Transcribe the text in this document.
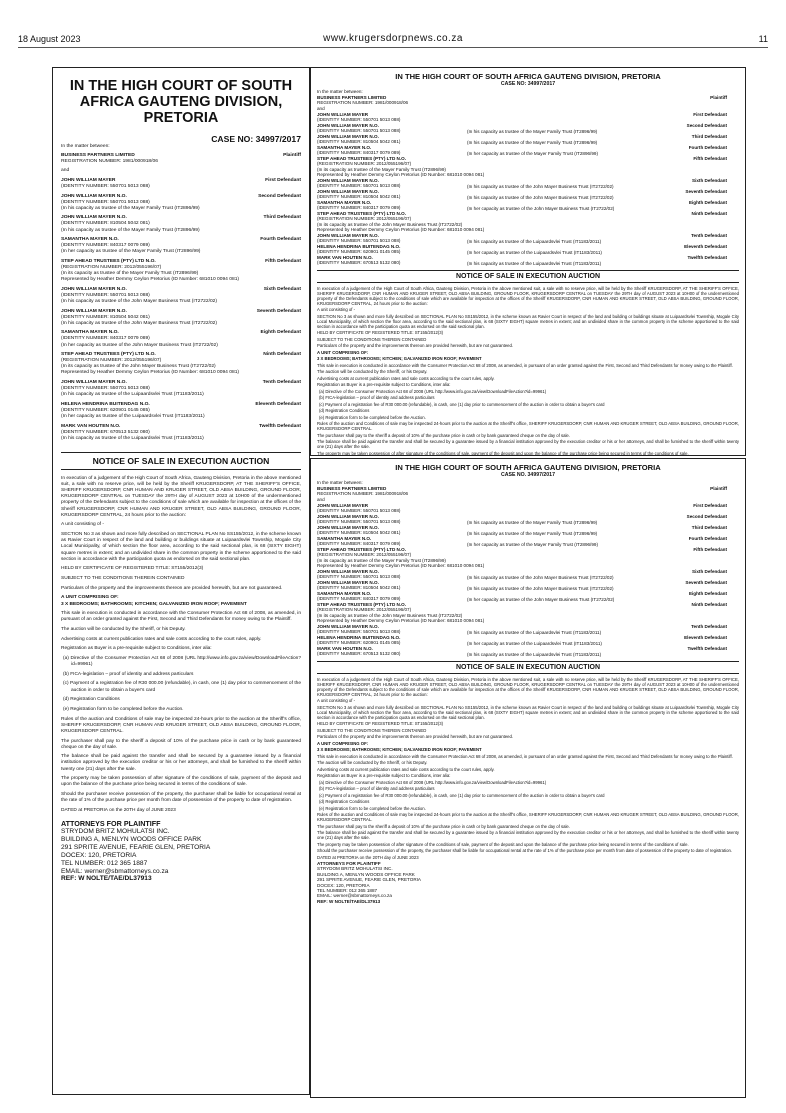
18 August 2023	www.krugersdorpnews.co.za	11
IN THE HIGH COURT OF SOUTH AFRICA GAUTENG DIVISION, PRETORIA
CASE NO: 34997/2017
In the matter between:
BUSINESS PARTNERS LIMITED	Plaintiff
REGISTRATION NUMBER: 1981/000918/06
and
JOHN WILLIAM MAYER	First Defendant
(IDENTITY NUMBER: 550701 5013 088)
JOHN WILLIAM MAYER N.O.	Second Defendant
(IDENTITY NUMBER: 550701 5013 088)
(In his capacity as trustee of the Mayer Family Trust (IT2896/99)
JOHN WILLIAM MAYER N.O.	Third Defendant
(IDENTITY NUMBER: 810504 5042 081)
(In his capacity as trustee of the Mayer Family Trust (IT2896/99)
SAMANTHA MAYER N.O.	Fourth Defendant
(IDENTITY NUMBER: 840317 0079 089)
(In her capacity as trustee of the Mayer Family Trust (IT2896/99)
STEP AHEAD TRUSTEES (PTY) LTD N.O.	Fifth Defendant
(REGISTRATION NUMBER: 2012/055196/07)
(In its capacity as trustee of the Mayer Family Trust (IT2896/99)
Represented by Heather Demmy Ceylon Pretorius (ID Number: 681010 0094 081)
JOHN WILLIAM MAYER N.O.	Sixth Defendant
(IDENTITY NUMBER: 550701 5013 088)
(In his capacity as trustee of the John Mayer Business Trust (IT2722/02)
JOHN WILLIAM MAYER N.O.	Seventh Defendant
(IDENTITY NUMBER: 810504 5042 081)
(In his capacity as trustee of the John Mayer Business Trust (IT2722/02)
SAMANTHA MAYER N.O.	Eighth Defendant
(IDENTITY NUMBER: 840317 0079 089)
(In her capacity as trustee of the John Mayer Business Trust (IT2722/02)
STEP AHEAD TRUSTEES (PTY) LTD N.O.	Ninth Defendant
(REGISTRATION NUMBER: 2012/055196/07)
(In its capacity as trustee of the John Mayer Business Trust (IT2722/02)
Represented by Heather Demmy Ceylon Pretorius (ID Number: 681010 0094 081)
JOHN WILLIAM MAYER N.O.	Tenth Defendant
(IDENTITY NUMBER: 550701 5013 088)
(In his capacity as trustee of the Luipaardsvlei Trust (IT1183/2011)
HELENA HENDRINA BUITENDAG N.O.	Eleventh Defendant
(IDENTITY NUMBER: 620901 0145 085)
(In her capacity as trustee of the Luipaardsvlei Trust (IT1183/2011)
MARK VAN HOUTEN N.O.	Twelfth Defendant
(IDENTITY NUMBER: 670513 5132 080)
(In his capacity as trustee of the Luipaardsvlei Trust (IT1183/2011)
NOTICE OF SALE IN EXECUTION AUCTION

In execution of a judgement of the High Court of South Africa, Gauteng Division, Pretoria in the above mentioned suit, a sale with no reserve price, will be held by the Sheriff KRUGERSDORP, AT THE SHERIFF'S OFFICE, SHERIFF KRUGERSDORP, CNR HUMAN AND KRUGER STREET, OLD ABSA BUILDING, GROUND FLOOR, KRUGERSDORP CENTRAL on TUESDAY the 29TH day of AUGUST 2023 at 10H00 of the undermentioned property of the Defendants subject to the conditions of sale which are available for inspection at the offices of the Sheriff KRUGERSDORP, CNR HUMAN AND KRUGER STREET, OLD ABSA BUILDING, GROUND FLOOR, KRUGERSDORP CENTRAL, 24 hours prior to the auction:

A unit consisting of -

SECTION No 3 as shown and more fully described on SECTIONAL PLAN No SS155/2012, in the scheme known as Ravier Court in respect of the land and building or buildings situate at Luipaardsvlei Township, Mogale City Local Municipality, of which section the floor area, according to the said sectional plan, is 68 (SIXTY EIGHT) square metres in extent; and an undivided share in the common property in the scheme apportioned to the said section in accordance with the participation quota as endorsed on the said sectional plan.

HELD BY CERTIFICATE OF REGISTERED TITLE: ST155/2012(3)

SUBJECT TO THE CONDITIONS THEREIN CONTAINED

Particulars of the property and the improvements thereon are provided herewith, but are not guaranteed.

A UNIT COMPRISING OF:

3 X BEDROOMS; BATHROOMS; KITCHEN; GALVANIZED IRON ROOF; PAVEMENT

This sale in execution is conducted in accordance with the Consumer Protection Act 68 of 2008, as amended, in pursuant of an order granted against the First, Second and Third Defendants for money owing to the Plaintiff.

The auction will be conducted by the Sheriff, or his Deputy.

Advertising costs at current publication rates and sale costs according to the court rules, apply.

Registration as Buyer is a pre-requisite subject to Conditions, inter alia:

(a) Directive of the Consumer Protection Act 68 of 2008 (URL http://www.info.gov.za/view/DownloadFileAction?id=99961)

(b) FICA-legislation – proof of identity and address particulars

(c) Payment of a registration fee of R30 000.00 (refundable), in cash, one (1) day prior to commencement of the auction in order to obtain a buyer's card

(d) Registration Conditions

(e) Registration form to be completed before the Auction.

Rules of the auction and Conditions of sale may be inspected 24-hours prior to the auction at the Sheriff's office, SHERIFF KRUGERSDORP, CNR HUMAN AND KRUGER STREET, OLD ABSA BUILDING, GROUND FLOOR, KRUGERSDORP CENTRAL.

The purchaser shall pay to the sheriff a deposit of 10% of the purchase price in cash or by bank guaranteed cheque on the day of sale.

The balance shall be paid against the transfer and shall be secured by a guarantee issued by a financial institution approved by the execution creditor or his or her attorneys, and shall be furnished to the sheriff within twenty one (21) days after the sale.

The property may be taken possession of after signature of the conditions of sale, payment of the deposit and upon the balance of the purchase price being secured in terms of the conditions of sale.

Should the purchaser receive possession of the property, the purchaser shall be liable for occupational rental at the rate of 1% of the purchase price per month from date of possession of the property to date of registration.

DATED at PRETORIA on the 20TH day of JUNE 2023

ATTORNEYS FOR PLAINTIFF
STRYDOM BRITZ MOHULATSI INC.
BUILDING A, MENLYN WOODS OFFICE PARK
291 SPRITE AVENUE, FEARIE GLEN, PRETORIA
DOCEX: 120, PRETORIA
TEL NUMBER: 012 365 1887
EMAIL: werner@sbmattorneys.co.za
REF: W NOLTE/TAE/DL37913
IN THE HIGH COURT OF SOUTH AFRICA GAUTENG DIVISION, PRETORIA
CASE NO: 34997/2017
In the matter between:
BUSINESS PARTNERS LIMITED	Plaintiff
REGISTRATION NUMBER: 1981/000918/06
and
JOHN WILLIAM MAYER	First Defendant
(IDENTITY NUMBER: 550701 5013 088)
JOHN WILLIAM MAYER N.O.	Second Defendant
(IDENTITY NUMBER: 550701 5013 088)	(In his capacity as trustee of the Mayer Family Trust (IT2896/99)
JOHN WILLIAM MAYER N.O.	Third Defendant
(IDENTITY NUMBER: 810504 5042 081)	(In his capacity as trustee of the Mayer Family Trust (IT2896/99)
SAMANTHA MAYER N.O.	Fourth Defendant
(IDENTITY NUMBER: 840317 0079 089)	(In her capacity as trustee of the Mayer Family Trust (IT2896/99)
STEP AHEAD TRUSTEES (PTY) LTD N.O.	Fifth Defendant
(REGISTRATION NUMBER: 2012/055196/07)
(In its capacity as trustee of the Mayer Family Trust (IT2896/99)
Represented by Heather Demmy Ceylon Pretorius (ID Number: 681010 0094 081)
JOHN WILLIAM MAYER N.O.	Sixth Defendant
(IDENTITY NUMBER: 550701 5013 088)	(In his capacity as trustee of the John Mayer Business Trust (IT2722/02)
JOHN WILLIAM MAYER N.O.	Seventh Defendant
(IDENTITY NUMBER: 810504 5042 081)	(In his capacity as trustee of the John Mayer Business Trust (IT2722/02)
SAMANTHA MAYER N.O.	Eighth Defendant
(IDENTITY NUMBER: 840317 0079 089)	(In her capacity as trustee of the John Mayer Business Trust (IT2722/02)
STEP AHEAD TRUSTEES (PTY) LTD N.O.	Ninth Defendant
(REGISTRATION NUMBER: 2012/055196/07)
(In its capacity as trustee of the John Mayer Business Trust (IT2722/02)
Represented by Heather Demmy Ceylon Pretorius (ID Number: 681010 0094 081)
JOHN WILLIAM MAYER N.O.	Tenth Defendant
(IDENTITY NUMBER: 550701 5013 088)	(In his capacity as trustee of the Luipaardsvlei Trust (IT1183/2011)
HELENA HENDRINA BUITENDAG N.O.	Eleventh Defendant
(IDENTITY NUMBER: 620901 0145 085)	(In her capacity as trustee of the Luipaardsvlei Trust (IT1183/2011)
MARK VAN HOUTEN N.O.	Twelfth Defendant
(IDENTITY NUMBER: 670513 5132 080)	(In his capacity as trustee of the Luipaardsvlei Trust (IT1183/2011)
NOTICE OF SALE IN EXECUTION AUCTION

In execution of a judgement of the High Court of South Africa, Gauteng Division, Pretoria in the above mentioned suit, a sale with no reserve price, will be held by the Sheriff KRUGERSDORP, AT THE SHERIFF'S OFFICE, SHERIFF KRUGERSDORP, CNR HUMAN AND KRUGER STREET, OLD ABSA BUILDING, GROUND FLOOR, KRUGERSDORP CENTRAL on TUESDAY the 29TH day of AUGUST 2023 at 10H00 of the undermentioned property of the Defendants subject to the conditions of sale which are available for inspection at the offices of the Sheriff KRUGERSDORP, CNR HUMAN AND KRUGER STREET, OLD ABSA BUILDING, GROUND FLOOR, KRUGERSDORP CENTRAL, 24 hours prior to the auction:

A unit consisting of -

SECTION No 3 as shown and more fully described on SECTIONAL PLAN No SS155/2012, in the scheme known as Ravier Court in respect of the land and building or buildings situate at Luipaardsvlei Township, Mogale City Local Municipality, of which section the floor area, according to the said sectional plan, is 68 (SIXTY EIGHT) square metres in extent; and an undivided share in the common property in the scheme apportioned to the said section in accordance with the participation quota as endorsed on the said sectional plan.

HELD BY CERTIFICATE OF REGISTERED TITLE: ST155/2012(3)

SUBJECT TO THE CONDITIONS THEREIN CONTAINED

Particulars of the property and the improvements thereon are provided herewith, but are not guaranteed.

A UNIT COMPRISING OF:

3 X BEDROOMS; BATHROOMS; KITCHEN; GALVANIZED IRON ROOF; PAVEMENT

This sale in execution is conducted in accordance with the Consumer Protection Act 68 of 2008, as amended, in pursuant of an order granted against the First, Second and Third Defendants for money owing to the Plaintiff.

The auction will be conducted by the Sheriff, or his Deputy.

Advertising costs at current publication rates and sale costs according to the court rules, apply.

Registration as Buyer is a pre-requisite subject to Conditions, inter alia:

(a) Directive of the Consumer Protection Act 68 of 2008 (URL http://www.info.gov.za/view/DownloadFileAction?id=99961)

(b) FICA-legislation – proof of identity and address particulars

(c) Payment of a registration fee of R30 000.00 (refundable), in cash, one (1) day prior to commencement of the auction in order to obtain a buyer's card

(d) Registration Conditions

(e) Registration form to be completed before the Auction.

Rules of the auction and Conditions of sale may be inspected 24-hours prior to the auction at the Sheriff's office, SHERIFF KRUGERSDORP, CNR HUMAN AND KRUGER STREET, OLD ABSA BUILDING, GROUND FLOOR, KRUGERSDORP CENTRAL.

The purchaser shall pay to the sheriff a deposit of 10% of the purchase price in cash or by bank guaranteed cheque on the day of sale.

The balance shall be paid against the transfer and shall be secured by a guarantee issued by a financial institution approved by the execution creditor or his or her attorneys, and shall be furnished to the sheriff within twenty one (21) days after the sale.

The property may be taken possession of after signature of the conditions of sale, payment of the deposit and upon the balance of the purchase price being secured in terms of the conditions of sale.

IN THE HIGH COURT OF SOUTH AFRICA GAUTENG DIVISION, PRETORIA
CASE NO. 34997/2017
In the matter between:
BUSINESS PARTNERS LIMITED	Plaintiff
REGISTRATION NUMBER: 1981/000918/06
and
JOHN WILLIAM MAYER	First Defendant
(IDENTITY NUMBER: 550701 5013 088)
JOHN WILLIAM MAYER N.O.	Second Defendant
(IDENTITY NUMBER: 550701 5013 088)	(In his capacity as trustee of the Mayer Family Trust (IT2896/99)
JOHN WILLIAM MAYER N.O.	Third Defendant
(IDENTITY NUMBER: 810504 5042 081)	(In his capacity as trustee of the Mayer Family Trust (IT2896/99)
SAMANTHA MAYER N.O.	Fourth Defendant
(IDENTITY NUMBER: 840317 0079 089)	(In her capacity as trustee of the Mayer Family Trust (IT2896/99)
STEP AHEAD TRUSTEES (PTY) LTD N.O.	Fifth Defendant
(REGISTRATION NUMBER: 2012/055196/07)
(In its capacity as trustee of the Mayer Family Trust (IT2896/99)
Represented by Heather Demmy Ceylon Pretorius (ID Number: 681010 0094 081)
JOHN WILLIAM MAYER N.O.	Sixth Defendant
(IDENTITY NUMBER: 550701 5013 088)	(In his capacity as trustee of the John Mayer Business Trust (IT2722/02)
JOHN WILLIAM MAYER N.O.	Seventh Defendant
(IDENTITY NUMBER: 810504 5042 081)	(In his capacity as trustee of the John Mayer Business Trust (IT2722/02)
SAMANTHA MAYER N.O.	Eighth Defendant
(IDENTITY NUMBER: 840317 0079 089)	(In her capacity as trustee of the John Mayer Business Trust (IT2722/02)
STEP AHEAD TRUSTEES (PTY) LTD N.O.	Ninth Defendant
(REGISTRATION NUMBER: 2012/055196/07)
(In its capacity as trustee of the John Mayer Business Trust (IT2722/02)
Represented by Heather Demmy Ceylon Pretorius (ID Number: 681010 0094 081)
JOHN WILLIAM MAYER N.O.	Tenth Defendant
(IDENTITY NUMBER: 550701 5013 088)	(In his capacity as trustee of the Luipaardsvlei Trust (IT1183/2011)
HELENA HENDRINA BUITENDAG N.O.	Eleventh Defendant
(IDENTITY NUMBER: 620901 0145 085)	(In her capacity as trustee of the Luipaardsvlei Trust (IT1183/2011)
MARK VAN HOUTEN N.O.	Twelfth Defendant
(IDENTITY NUMBER: 670513 5132 080)	(In his capacity as trustee of the Luipaardsvlei Trust (IT1183/2011)
NOTICE OF SALE IN EXECUTION AUCTION

In execution of a judgement of the High Court of South Africa, Gauteng Division, Pretoria in the above mentioned suit, a sale with no reserve price, will be held by the Sheriff KRUGERSDORP, AT THE SHERIFF'S OFFICE, SHERIFF KRUGERSDORP, CNR HUMAN AND KRUGER STREET, OLD ABSA BUILDING, GROUND FLOOR, KRUGERSDORP CENTRAL on TUESDAY the 29TH day of AUGUST 2023 at 10H00 of the undermentioned property of the Defendants subject to the conditions of sale which are available for inspection at the offices of the Sheriff KRUGERSDORP, CNR HUMAN AND KRUGER STREET, OLD ABSA BUILDING, GROUND FLOOR, KRUGERSDORP CENTRAL, 24 hours prior to the auction:

A unit consisting of -

SECTION No 3 as shown and more fully described on SECTIONAL PLAN No SS155/2012, in the scheme known as Ravier Court in respect of the land and building or buildings situate at Luipaardsvlei Township, Mogale City Local Municipality, of which section the floor area, according to the said sectional plan, is 68 (SIXTY EIGHT) square metres in extent; and an undivided share in the common property in the scheme apportioned to the said section in accordance with the participation quota as endorsed on the said sectional plan.

HELD BY CERTIFICATE OF REGISTERED TITLE: ST155/2012(3)

SUBJECT TO THE CONDITIONS THEREIN CONTAINED

Particulars of the property and the improvements thereon are provided herewith, but are not guaranteed.

A UNIT COMPRISING OF:

3 X BEDROOMS; BATHROOMS; KITCHEN; GALVANIZED IRON ROOF; PAVEMENT

This sale in execution is conducted in accordance with the Consumer Protection Act 68 of 2008, as amended, in pursuant of an order granted against the First, Second and Third Defendants for money owing to the Plaintiff.

The auction will be conducted by the Sheriff, or his Deputy.

Advertising costs at current publication rates and sale costs according to the court rules, apply.

Registration as Buyer is a pre-requisite subject to Conditions, inter alia:

(a) Directive of the Consumer Protection Act 68 of 2008 (URL http://www.info.gov.za/view/DownloadFileAction?id=99961)

(b) FICA-legislation – proof of identity and address particulars

(c) Payment of a registration fee of R30 000.00 (refundable), in cash, one (1) day prior to commencement of the auction in order to obtain a buyer's card

(d) Registration Conditions

(e) Registration form to be completed before the Auction.

Rules of the auction and Conditions of sale may be inspected 24-hours prior to the auction at the Sheriff's office, SHERIFF KRUGERSDORP, CNR HUMAN AND KRUGER STREET, OLD ABSA BUILDING, GROUND FLOOR, KRUGERSDORP CENTRAL.

The purchaser shall pay to the sheriff a deposit of 10% of the purchase price in cash or by bank guaranteed cheque on the day of sale.

The balance shall be paid against the transfer and shall be secured by a guarantee issued by a financial institution approved by the execution creditor or his or her attorneys, and shall be furnished to the sheriff within twenty one (21) days after the sale.

The property may be taken possession of after signature of the conditions of sale, payment of the deposit and upon the balance of the purchase price being secured in terms of the conditions of sale.

Should the purchaser receive possession of the property, the purchaser shall be liable for occupational rental at the rate of 1% of the purchase price per month from date of possession of the property to date of registration.

DATED at PRETORIA on the 20TH day of JUNE 2023

ATTORNEYS FOR PLAINTIFF
STRYDOM BRITZ MOHULATSI INC.
BUILDING A, MENLYN WOODS OFFICE PARK
291 SPRITE AVENUE, FEARIE GLEN, PRETORIA
DOCEX: 120, PRETORIA
TEL NUMBER: 012 365 1887
EMAIL: werner@sbmattorneys.co.za
REF: W NOLTE/TAE/DL37913
